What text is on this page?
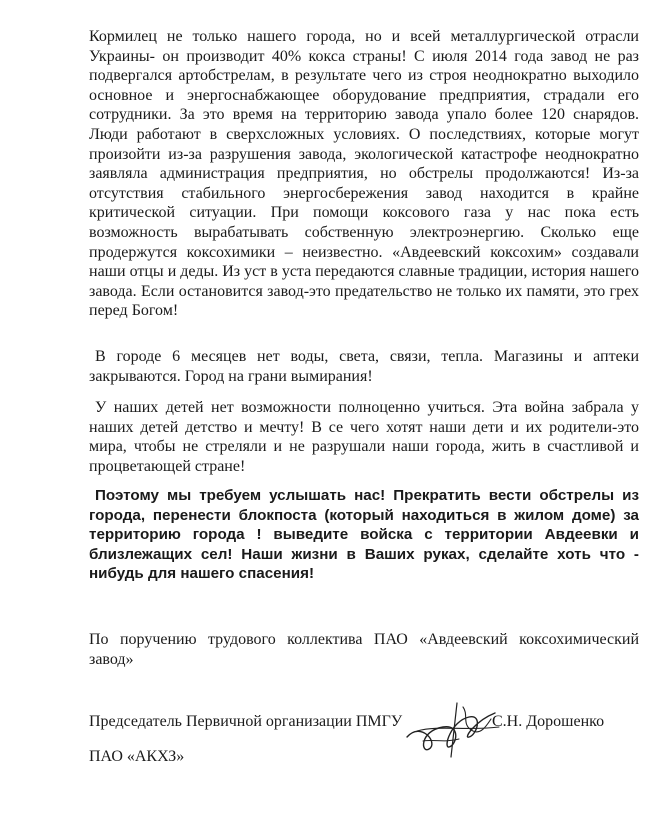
Кормилец не только нашего города, но и всей металлургической отрасли Украины- он производит 40% кокса страны! С июля 2014 года завод не раз подвергался артобстрелам, в результате чего из строя неоднократно выходило основное и энергоснабжающее оборудование предприятия, страдали его сотрудники. За это время на территорию завода упало более 120 снарядов. Люди работают в сверхсложных условиях. О последствиях, которые могут произойти из-за разрушения завода, экологической катастрофе неоднократно заявляла администрация предприятия, но обстрелы продолжаются! Из-за отсутствия стабильного энергосбережения завод находится в крайне критической ситуации. При помощи коксового газа у нас пока есть возможность вырабатывать собственную электроэнергию. Сколько еще продержутся коксохимики – неизвестно. «Авдеевский коксохим» создавали наши отцы и деды. Из уст в уста передаются славные традиции, история нашего завода. Если остановится завод-это предательство не только их памяти, это грех перед Богом!

В городе 6 месяцев нет воды, света, связи, тепла. Магазины и аптеки закрываются. Город на грани вымирания!

У наших детей нет возможности полноценно учиться. Эта война забрала у наших детей детство и мечту! В се чего хотят наши дети и их родители-это мира, чтобы не стреляли и не разрушали наши города, жить в счастливой и процветающей стране!

Поэтому мы требуем услышать нас! Прекратить вести обстрелы из города, перенести блокпоста (который находиться в жилом доме) за территорию города ! выведите войска с территории Авдеевки и близлежащих сел! Наши жизни в Ваших руках, сделайте хоть что - нибудь для нашего спасения!

По поручению трудового коллектива ПАО «Авдеевский коксохимический завод»

Председатель Первичной организации ПМГУ	С.Н. Дорошенко
ПАО «АКХЗ»
